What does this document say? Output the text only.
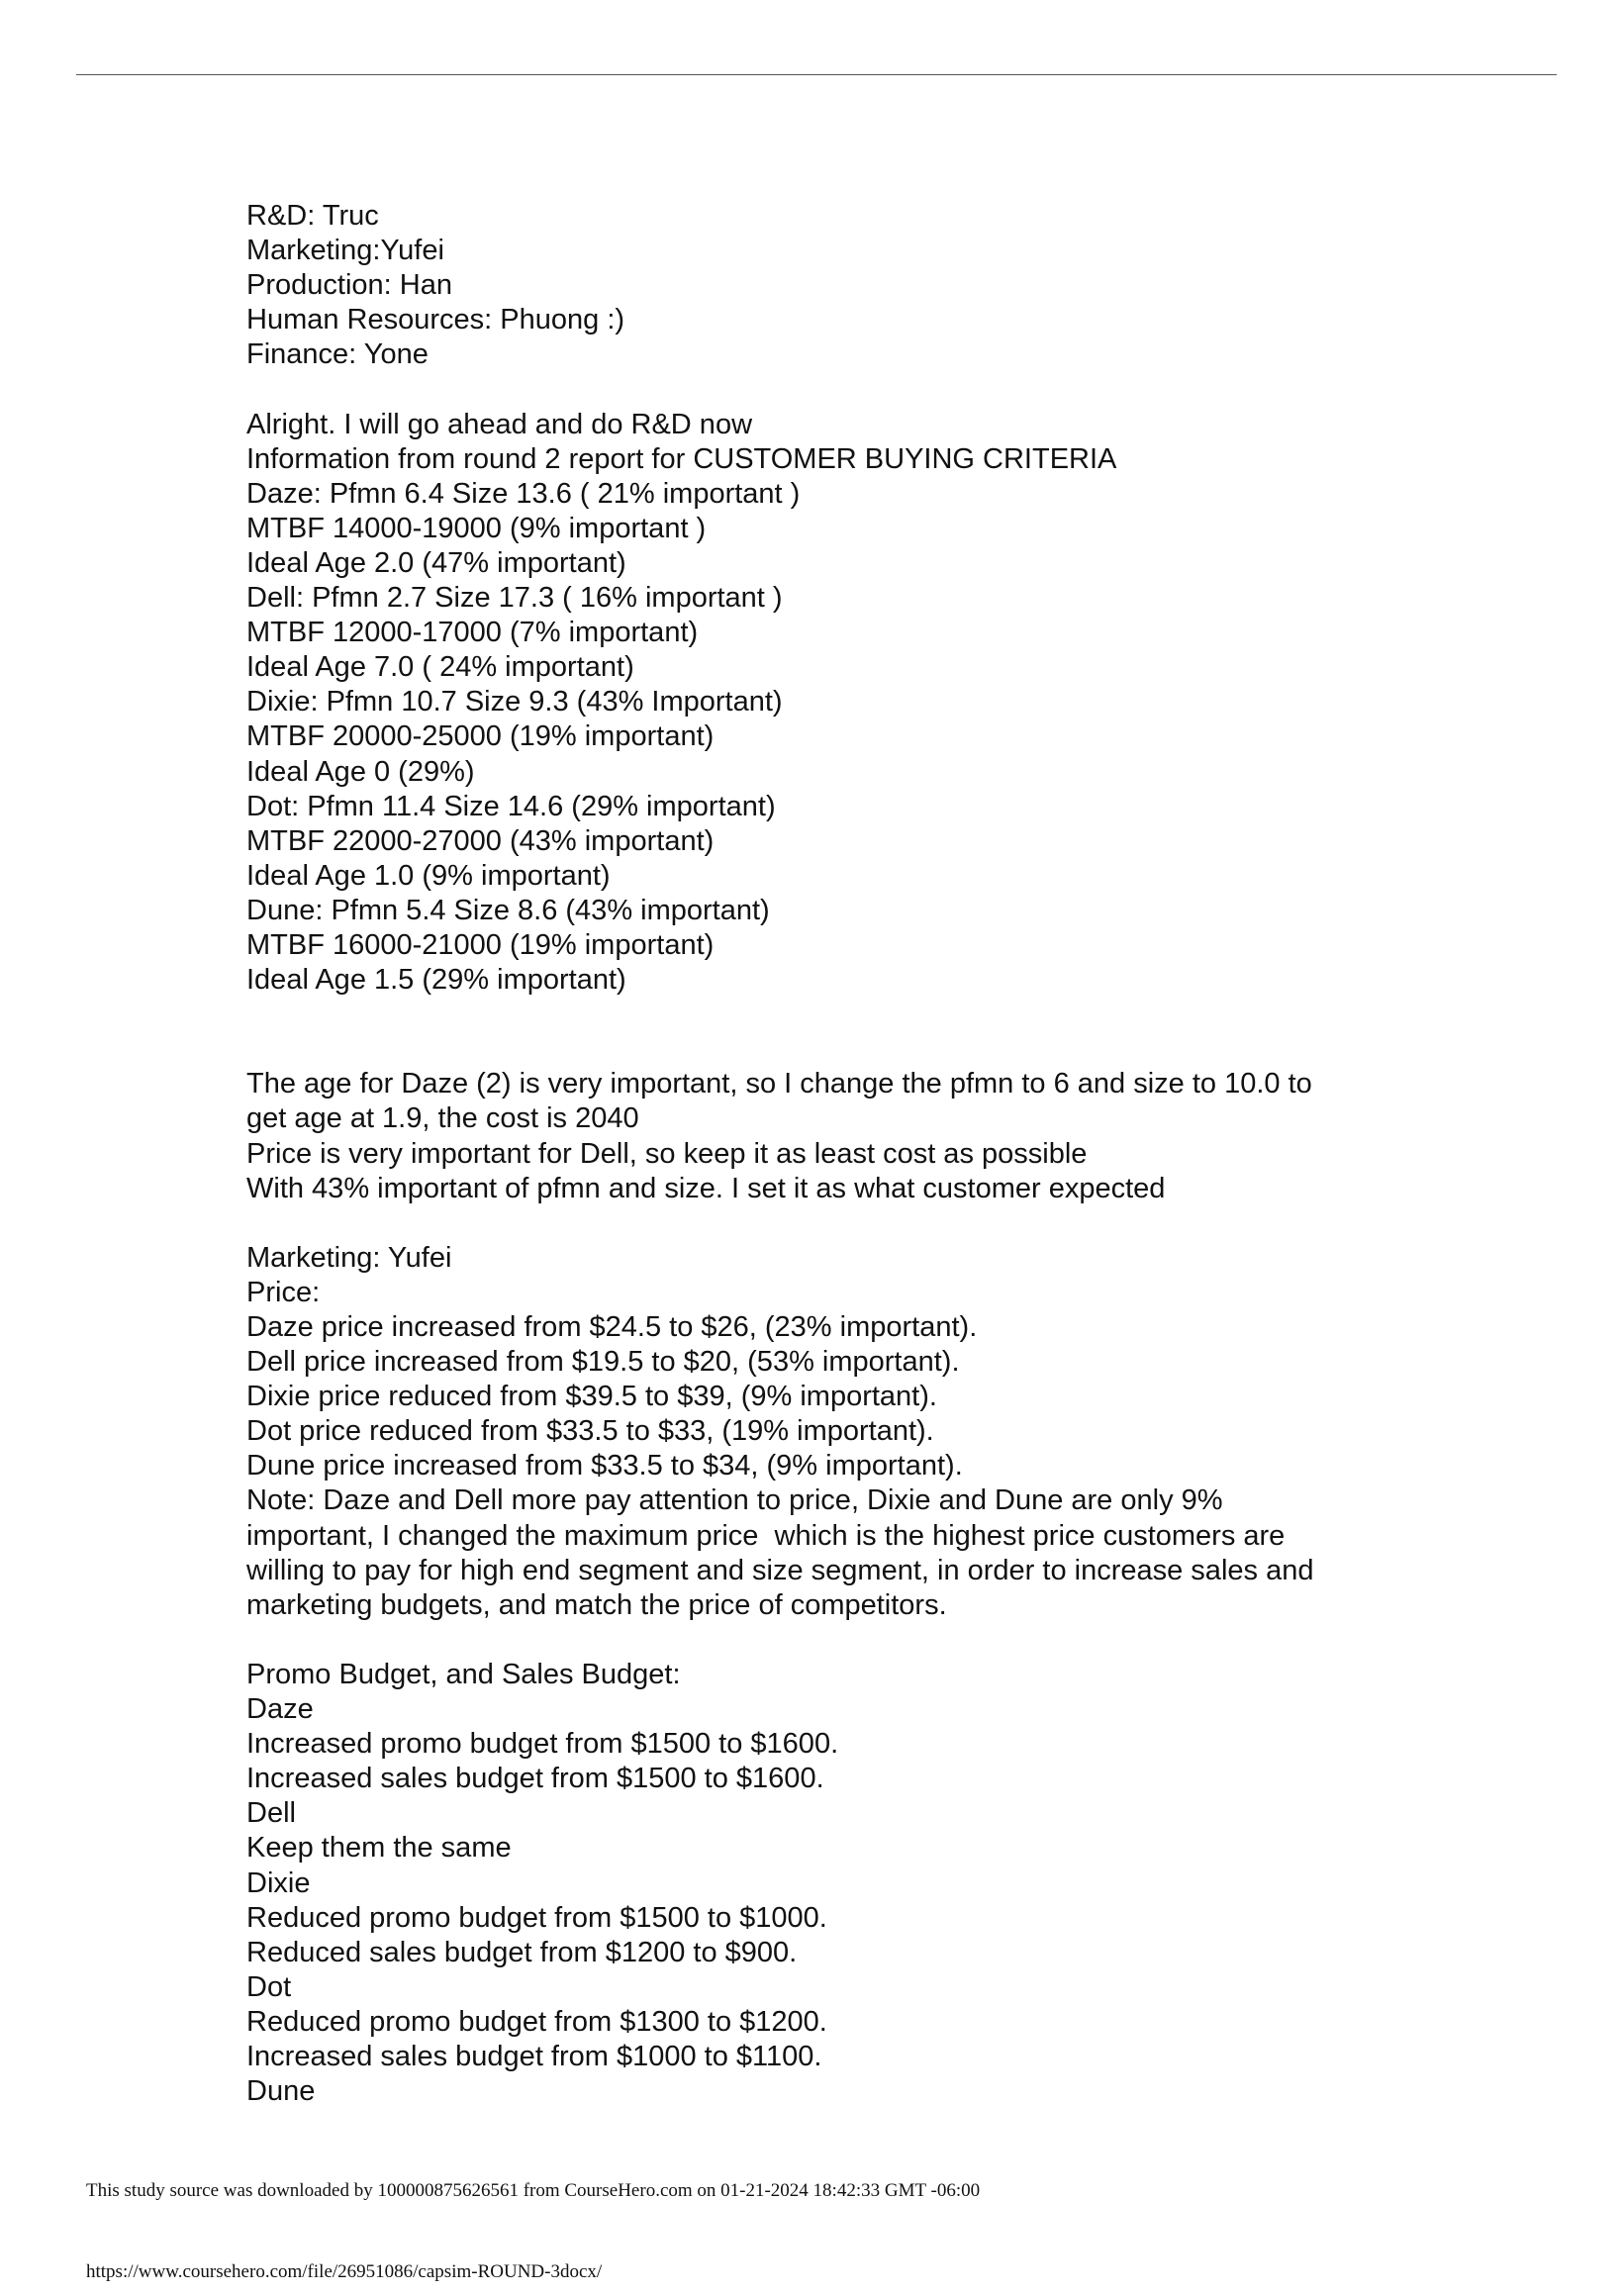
R&D: Truc
Marketing:Yufei
Production: Han
Human Resources: Phuong :)
Finance: Yone
Alright. I will go ahead and do R&D now
Information from round 2 report for CUSTOMER BUYING CRITERIA
Daze: Pfmn 6.4 Size 13.6 ( 21% important )
MTBF 14000-19000 (9% important )
Ideal Age 2.0 (47% important)
Dell: Pfmn 2.7 Size 17.3 ( 16% important )
MTBF 12000-17000 (7% important)
Ideal Age 7.0 ( 24% important)
Dixie: Pfmn 10.7 Size 9.3 (43% Important)
MTBF 20000-25000 (19% important)
Ideal Age 0 (29%)
Dot: Pfmn 11.4 Size 14.6 (29% important)
MTBF 22000-27000 (43% important)
Ideal Age 1.0 (9% important)
Dune: Pfmn 5.4 Size 8.6 (43% important)
MTBF 16000-21000 (19% important)
Ideal Age 1.5 (29% important)
The age for Daze (2) is very important, so I change the pfmn to 6 and size to 10.0 to
get age at 1.9, the cost is 2040
Price is very important for Dell, so keep it as least cost as possible
With 43% important of pfmn and size. I set it as what customer expected
Marketing: Yufei
Price:
Daze price increased from $24.5 to $26, (23% important).
Dell price increased from $19.5 to $20, (53% important).
Dixie price reduced from $39.5 to $39, (9% important).
Dot price reduced from $33.5 to $33, (19% important).
Dune price increased from $33.5 to $34, (9% important).
Note: Daze and Dell more pay attention to price, Dixie and Dune are only 9%
important, I changed the maximum price  which is the highest price customers are
willing to pay for high end segment and size segment, in order to increase sales and
marketing budgets, and match the price of competitors.
Promo Budget, and Sales Budget:
Daze
Increased promo budget from $1500 to $1600.
Increased sales budget from $1500 to $1600.
Dell
Keep them the same
Dixie
Reduced promo budget from $1500 to $1000.
Reduced sales budget from $1200 to $900.
Dot
Reduced promo budget from $1300 to $1200.
Increased sales budget from $1000 to $1100.
Dune
This study source was downloaded by 100000875626561 from CourseHero.com on 01-21-2024 18:42:33 GMT -06:00
https://www.coursehero.com/file/26951086/capsim-ROUND-3docx/
